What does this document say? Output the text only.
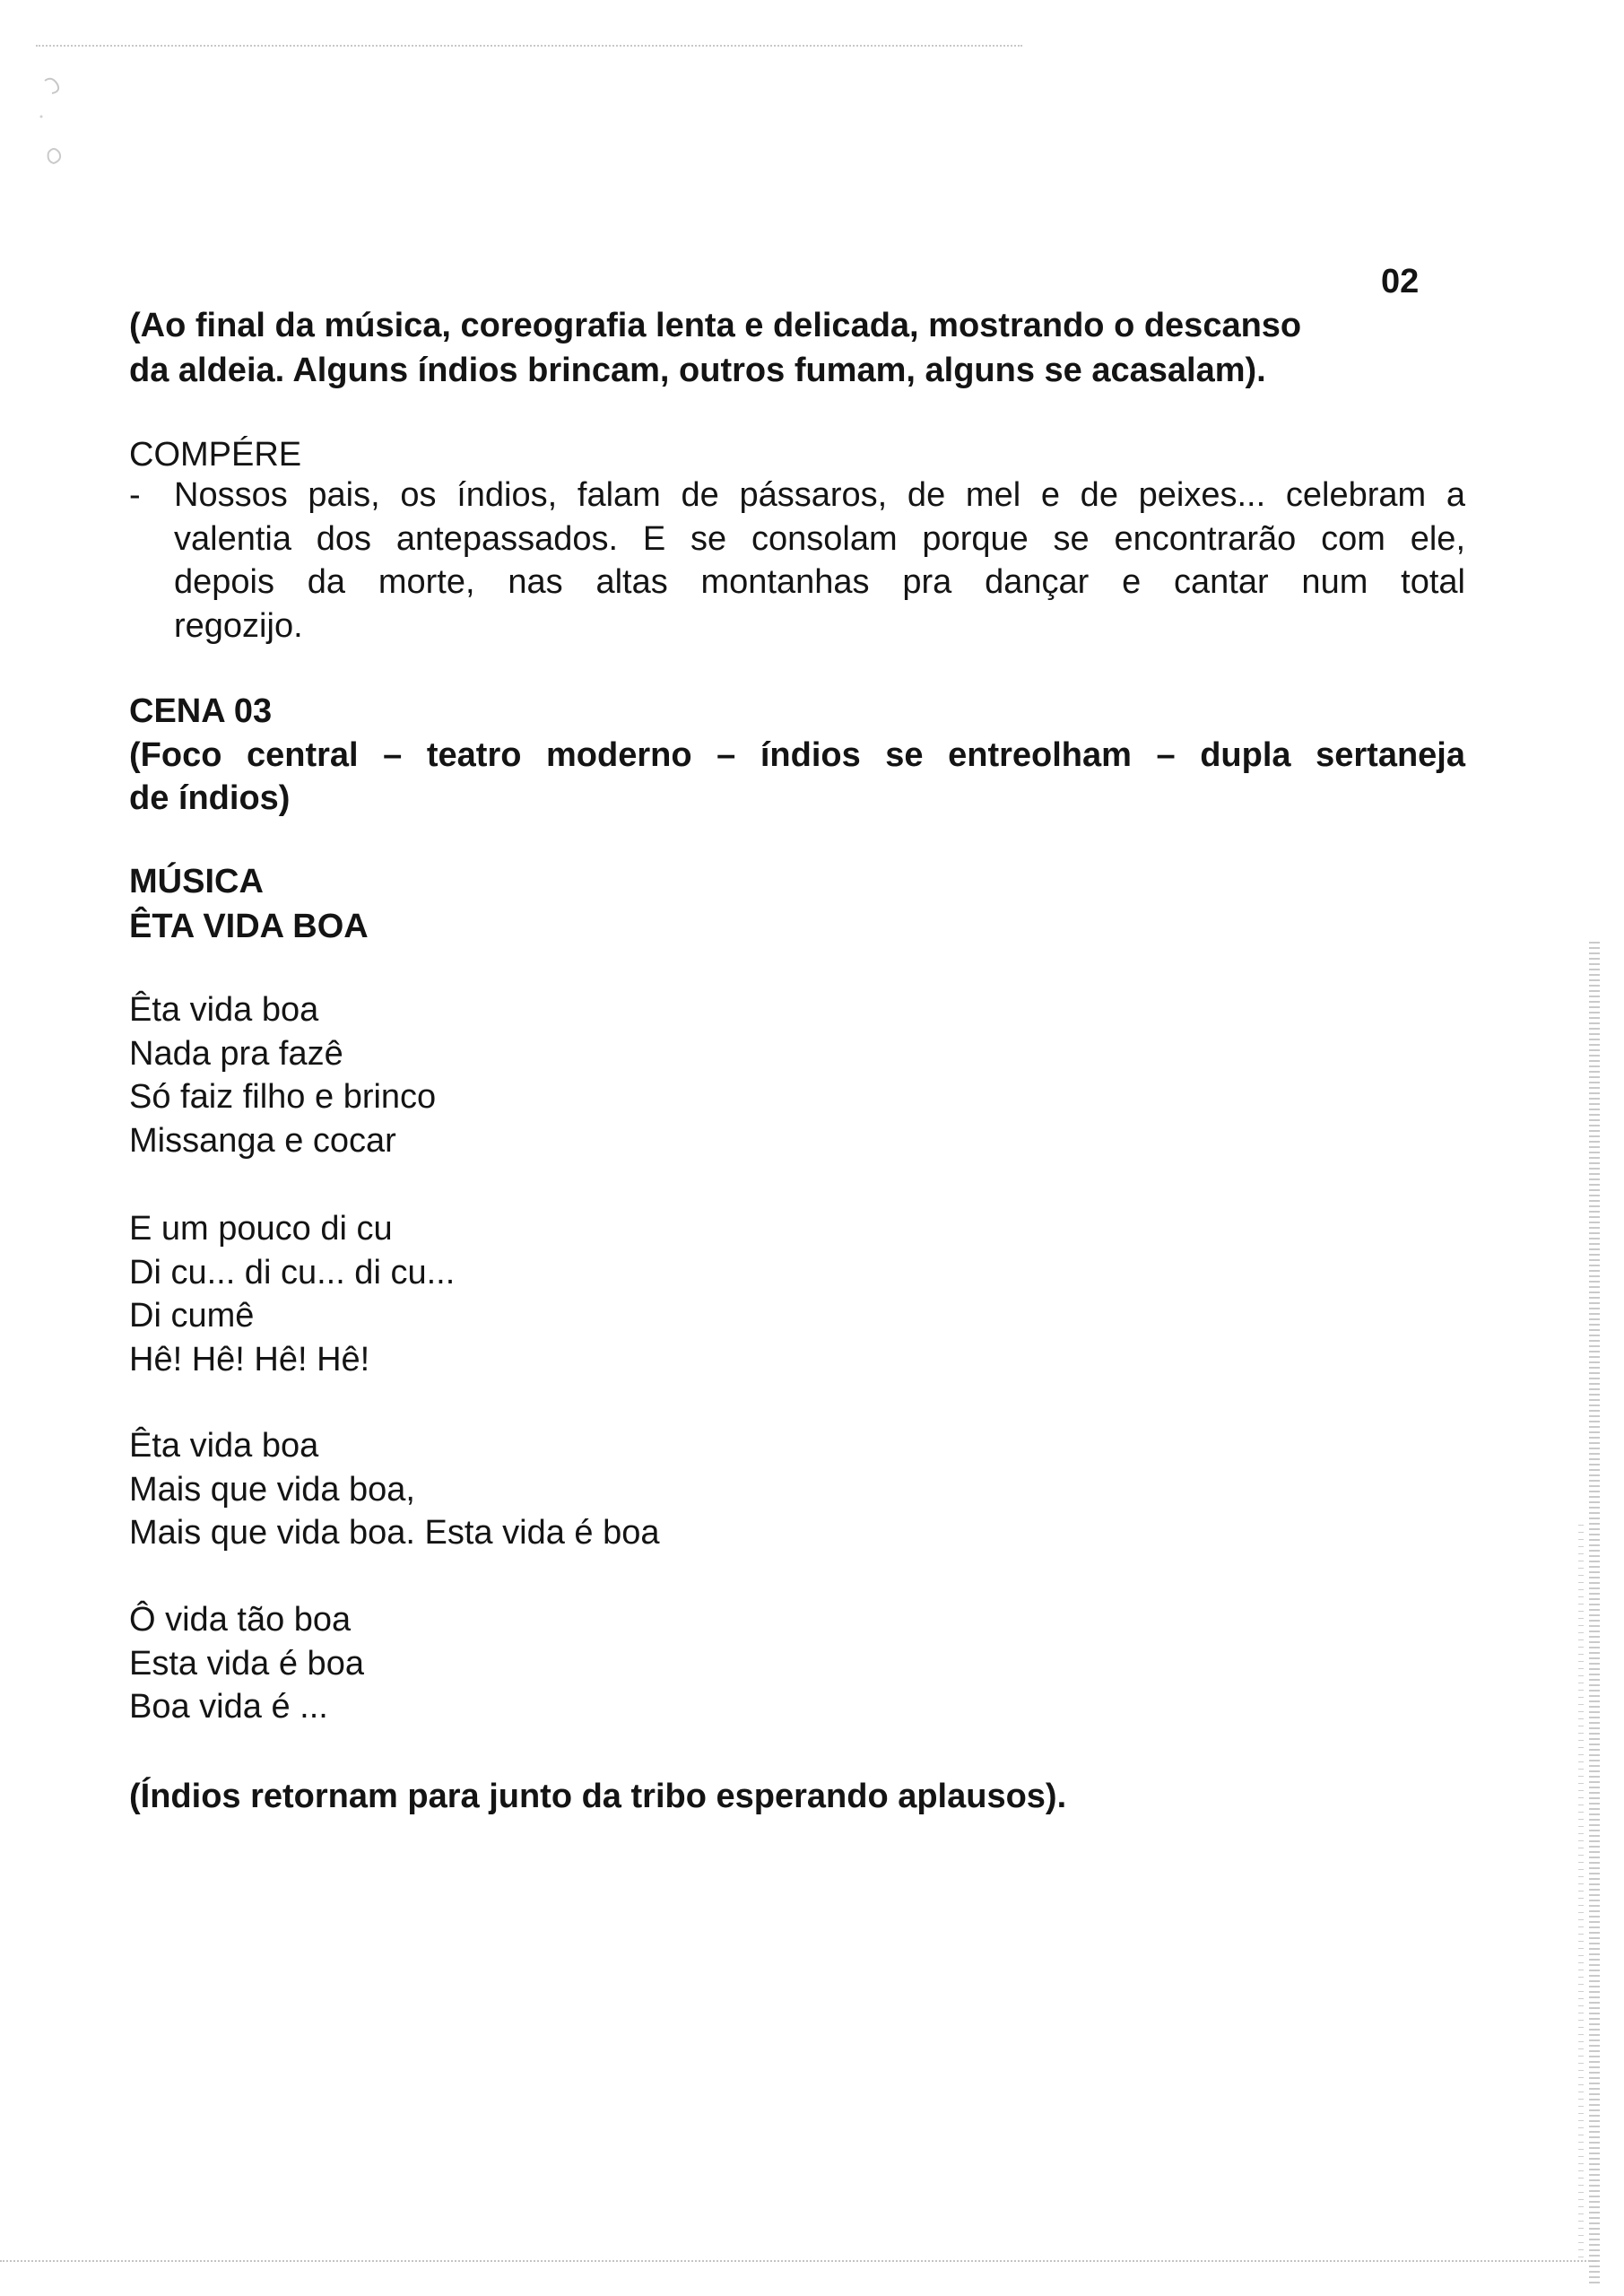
02
(Ao final da música, coreografia lenta e delicada, mostrando o descanso
da aldeia. Alguns índios brincam, outros fumam, alguns se acasalam).
COMPÉRE
- Nossos pais, os índios, falam de pássaros, de mel e de peixes... celebram a
valentia dos antepassados. E se consolam porque se encontrarão com ele,
depois da morte, nas altas montanhas pra dançar e cantar num total
regozijo.
CENA 03
(Foco central – teatro moderno – índios se entreolham – dupla sertaneja
de índios)
MÚSICA
ÊTA VIDA BOA
Êta vida boa
Nada pra fazê
Só faiz filho e brinco
Missanga e cocar
E um pouco di cu
Di cu... di cu... di cu...
Di cumê
Hê! Hê! Hê! Hê!
Êta vida boa
Mais que vida boa,
Mais que vida boa. Esta vida é boa
Ô vida tão boa
Esta vida é boa
Boa vida é ...
(Índios retornam para junto da tribo esperando aplausos).
